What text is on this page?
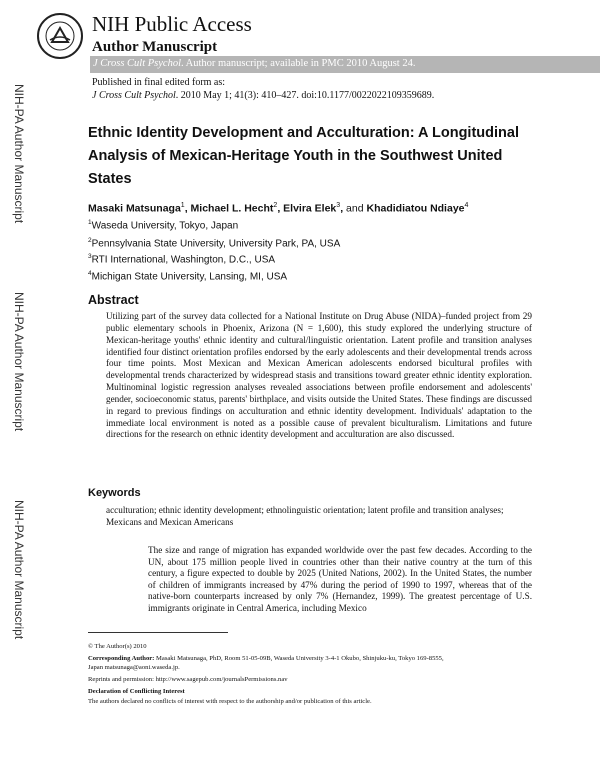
NIH Public Access
Author Manuscript
J Cross Cult Psychol. Author manuscript; available in PMC 2010 August 24.
Published in final edited form as:
J Cross Cult Psychol. 2010 May 1; 41(3): 410–427. doi:10.1177/0022022109359689.
NIH-PA Author Manuscript
NIH-PA Author Manuscript
NIH-PA Author Manuscript
Ethnic Identity Development and Acculturation: A Longitudinal Analysis of Mexican-Heritage Youth in the Southwest United States
Masaki Matsunaga$^1$, Michael L. Hecht$^2$, Elvira Elek$^3$, and Khadidiatou Ndiaye$^4$
$^1$Waseda University, Tokyo, Japan
$^2$Pennsylvania State University, University Park, PA, USA
$^3$RTI International, Washington, D.C., USA
$^4$Michigan State University, Lansing, MI, USA
Abstract
Utilizing part of the survey data collected for a National Institute on Drug Abuse (NIDA)–funded project from 29 public elementary schools in Phoenix, Arizona (N = 1,600), this study explored the underlying structure of Mexican-heritage youths' ethnic identity and cultural/linguistic orientation. Latent profile and transition analyses identified four distinct orientation profiles endorsed by the early adolescents and their developmental trends across four time points. Most Mexican and Mexican American adolescents endorsed bicultural profiles with developmental trends characterized by widespread stasis and transitions toward greater ethnic identity exploration. Multinominal logistic regression analyses revealed associations between profile endorsement and adolescents' gender, socioeconomic status, parents' birthplace, and visits outside the United States. These findings are discussed in regard to previous findings on acculturation and ethnic identity development. Individuals' adaptation to the immediate local environment is noted as a possible cause of prevalent biculturalism. Limitations and future directions for the research on ethnic identity development and acculturation are also discussed.
Keywords
acculturation; ethnic identity development; ethnolinguistic orientation; latent profile and transition analyses; Mexicans and Mexican Americans
The size and range of migration has expanded worldwide over the past few decades. According to the UN, about 175 million people lived in countries other than their native country at the turn of this century, a figure expected to double by 2025 (United Nations, 2002). In the United States, the number of children of immigrants increased by 47% during the period of 1990 to 1997, whereas that of the native-born counterparts increased by only 7% (Hernandez, 1999). The greatest percentage of U.S. immigrants originate in Central America, including Mexico
© The Author(s) 2010
Corresponding Author: Masaki Matsunaga, PhD, Room 51-05-09B, Waseda University 3-4-1 Okubo, Shinjuku-ku, Tokyo 169-8555,
Japan matsunaga@aoni.waseda.jp.
Reprints and permission: http://www.sagepub.com/journalsPermissions.nav
Declaration of Conflicting Interest
The authors declared no conflicts of interest with respect to the authorship and/or publication of this article.
